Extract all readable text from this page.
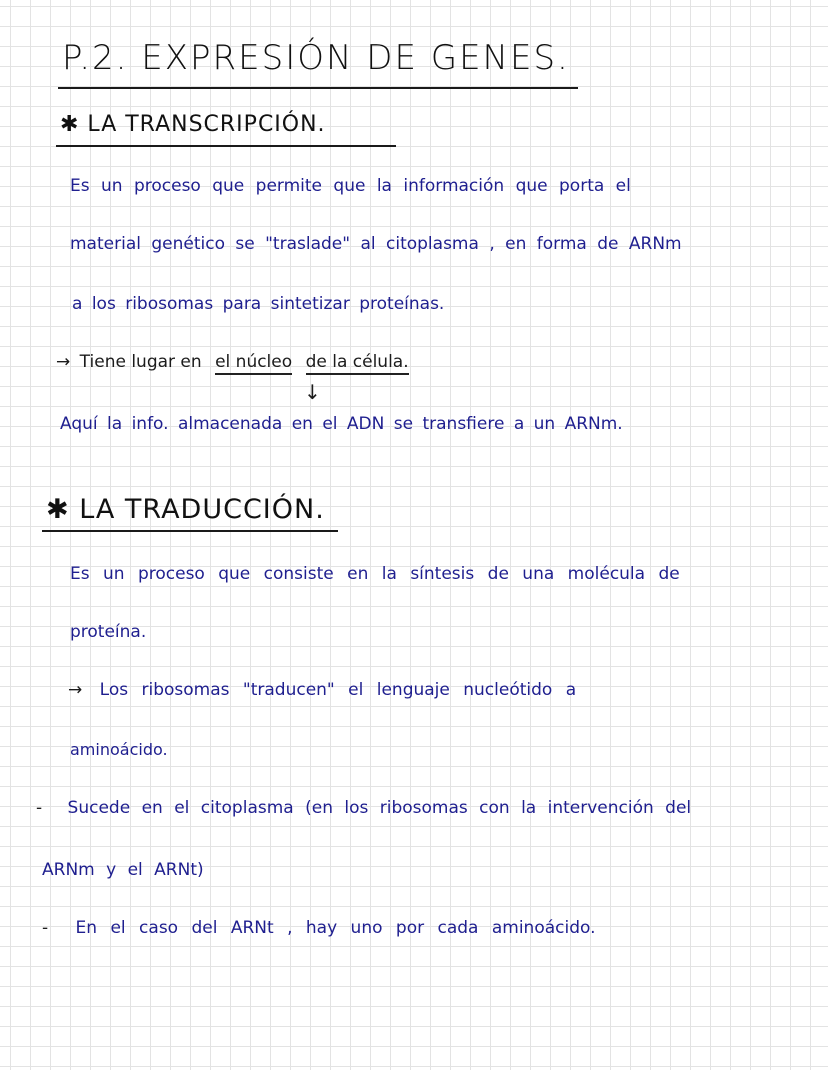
P.2. EXPRESIÓN DE GENES.
✱ LA TRANSCRIPCIÓN.
Es un proceso que permite que la información que porta el
material genético se "traslade" al citoplasma , en forma de ARNm
a los ribosomas para sintetizar proteínas.
→ Tiene lugar en el núcleo de la célula.
↓
Aquí la info. almacenada en el ADN se transfiere a un ARNm.
✱ LA TRADUCCIÓN.
Es un proceso que consiste en la síntesis de una molécula de
proteína.
→ Los ribosomas "traducen" el lenguaje nucleótido a
aminoácido.
- Sucede en el citoplasma (en los ribosomas con la intervención del
ARNm y el ARNt)
- En el caso del ARNt , hay uno por cada aminoácido.
